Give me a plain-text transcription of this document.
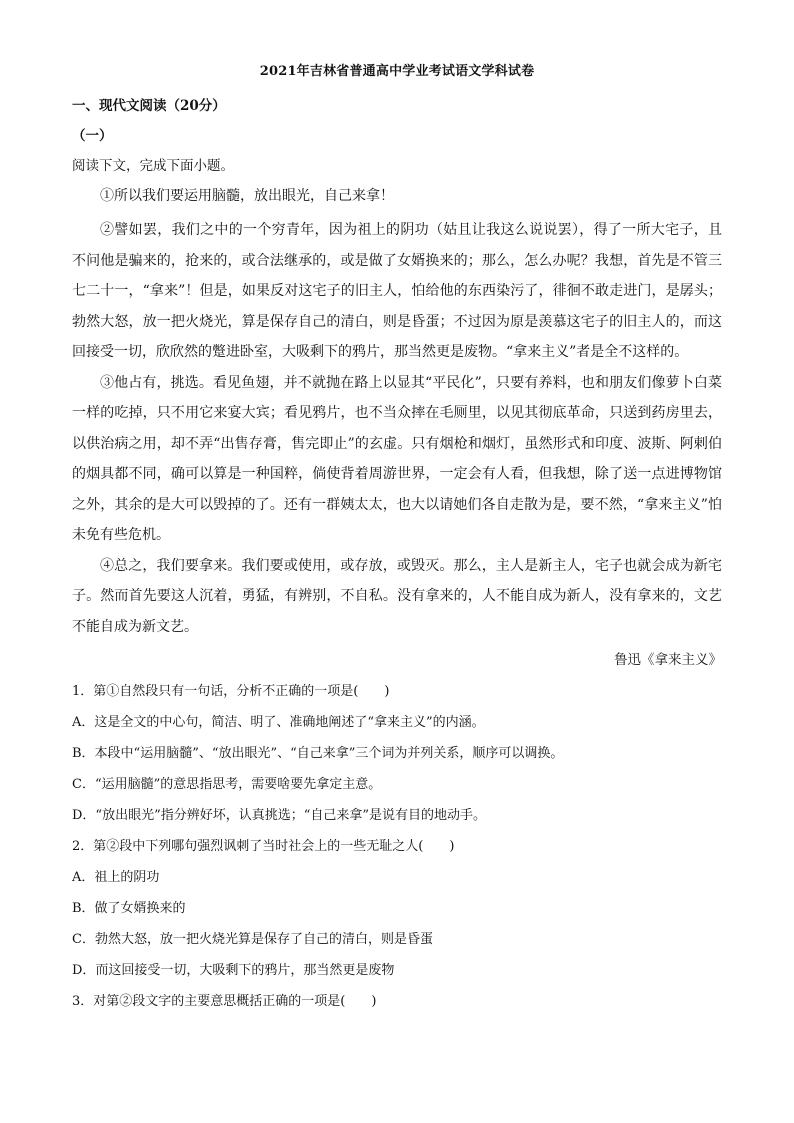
2021年吉林省普通高中学业考试语文学科试卷
一、现代文阅读（20分）
（一）
阅读下文，完成下面小题。

①所以我们要运用脑髓，放出眼光，自己来拿！

②譬如罢，我们之中的一个穷青年，因为祖上的阴功（姑且让我这么说说罢），得了一所大宅子，且不问他是骗来的，抢来的，或合法继承的，或是做了女婿换来的；那么，怎么办呢？我想，首先是不管三七二十一，“拿来”！但是，如果反对这宅子的旧主人，怕给他的东西染污了，徘徊不敢走进门，是孱头；勃然大怒，放一把火烧光，算是保存自己的清白，则是昏蛋；不过因为原是羡慕这宅子的旧主人的，而这回接受一切，欣欣然的蹩进卧室，大吸剩下的鸦片，那当然更是废物。“拿来主义”者是全不这样的。

③他占有，挑选。看见鱼翅，并不就抛在路上以显其“平民化”，只要有养料，也和朋友们像萝卜白菜一样的吃掉，只不用它来宴大宾；看见鸦片，也不当众摔在毛厕里，以见其彻底革命，只送到药房里去，以供治病之用，却不弄“出售存膏，售完即止”的玄虚。只有烟枪和烟灯，虽然形式和印度、波斯、阿剌伯的烟具都不同，确可以算是一种国粹，倘使背着周游世界，一定会有人看，但我想，除了送一点进博物馆之外，其余的是大可以毁掉的了。还有一群姨太太，也大以请她们各自走散为是，要不然，“拿来主义”怕未免有些危机。

④总之，我们要拿来。我们要或使用，或存放，或毁灭。那么，主人是新主人，宅子也就会成为新宅子。然而首先要这人沉着，勇猛，有辨别，不自私。没有拿来的，人不能自成为新人，没有拿来的，文艺不能自成为新文艺。

鲁迅《拿来主义》
1．第①自然段只有一句话，分析不正确的一项是(　　)
A．这是全文的中心句，简洁、明了、准确地阐述了“拿来主义”的内涵。
B．本段中“运用脑髓”、“放出眼光”、“自己来拿”三个词为并列关系，顺序可以调换。
C．“运用脑髓”的意思指思考，需要啥要先拿定主意。
D．“放出眼光”指分辨好坏，认真挑选；“自己来拿”是说有目的地动手。
2．第②段中下列哪句强烈讽刺了当时社会上的一些无耻之人(　　)
A．祖上的阴功
B．做了女婿换来的
C．勃然大怒，放一把火烧光算是保存了自己的清白，则是昏蛋
D．而这回接受一切，大吸剩下的鸦片，那当然更是废物
3．对第②段文字的主要意思概括正确的一项是(　　)
